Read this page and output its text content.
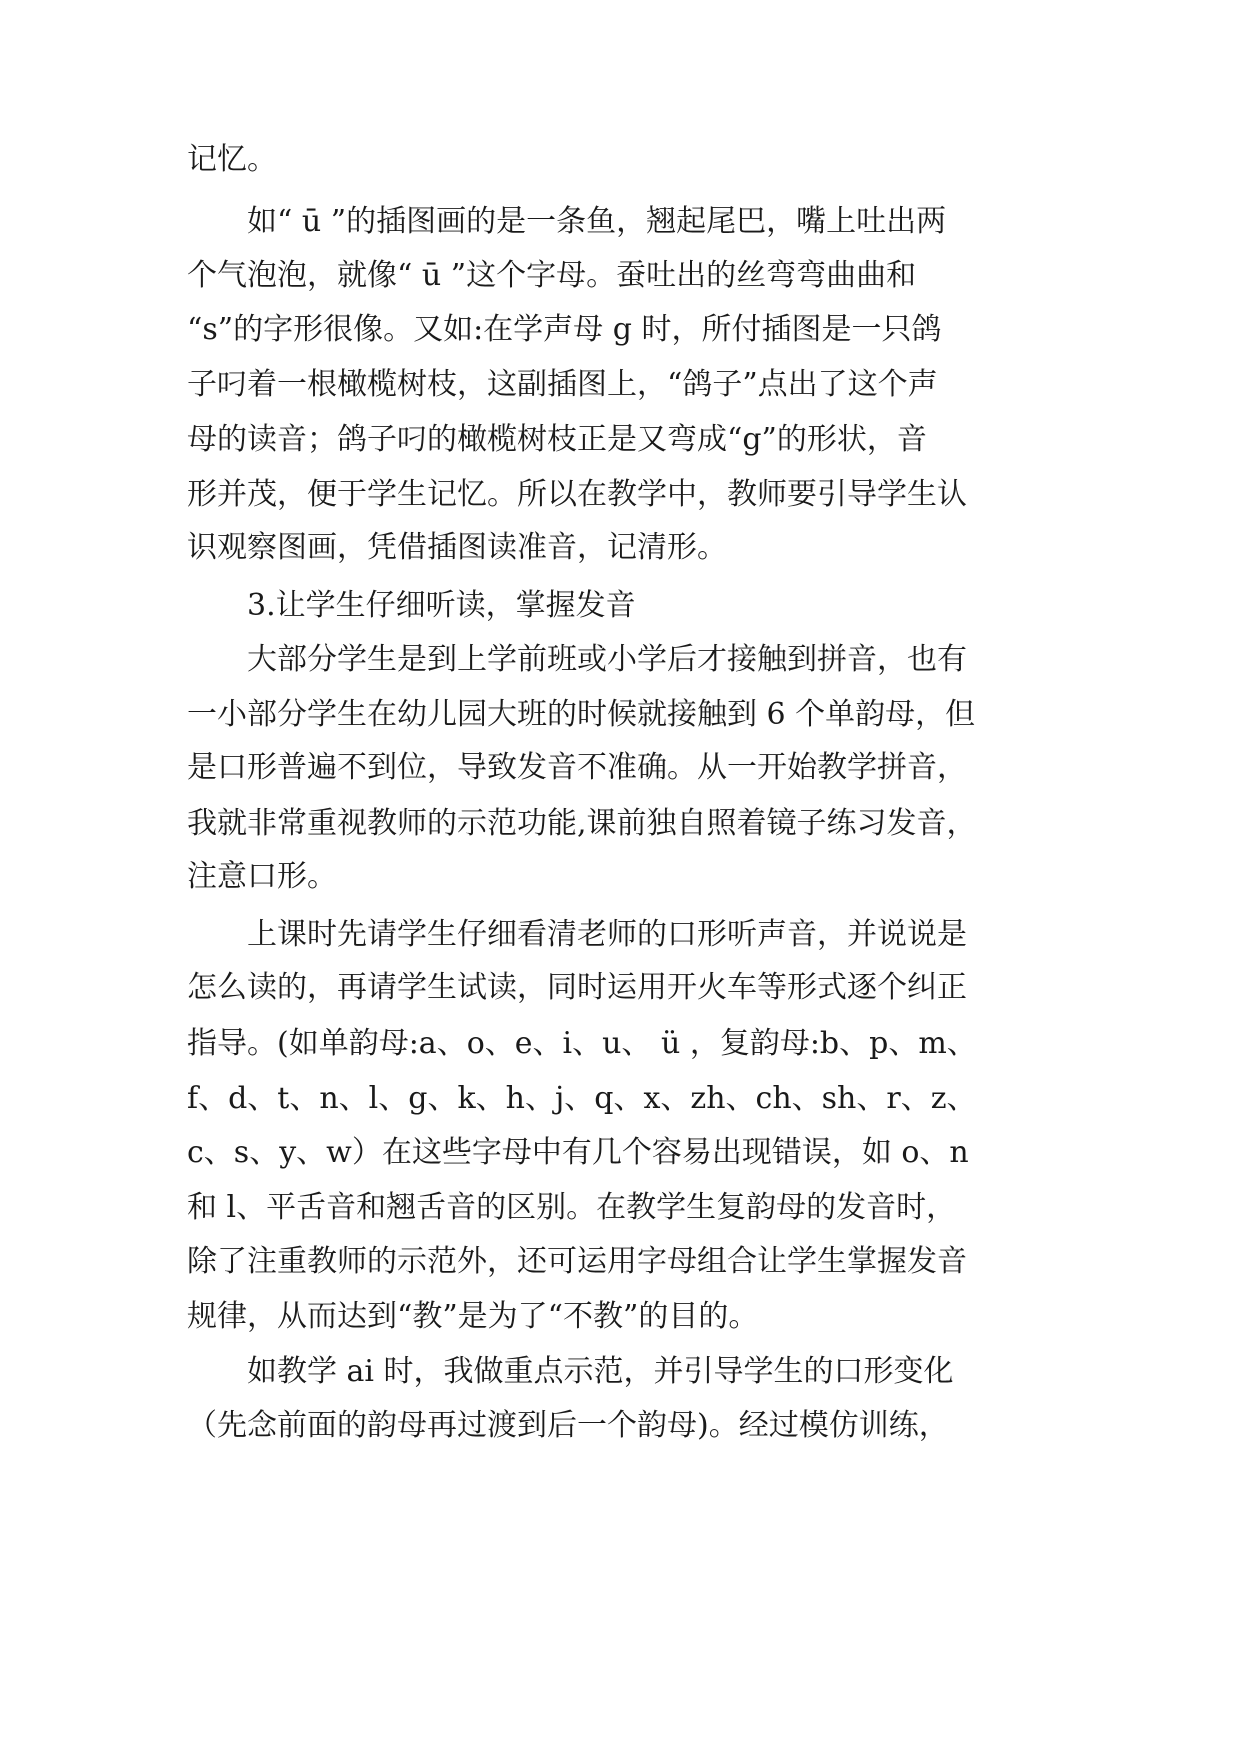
记忆。
如“ ū ”的插图画的是一条鱼，翘起尾巴，嘴上吐出两
个气泡泡，就像“ ū ”这个字母。蚕吐出的丝弯弯曲曲和
“s”的字形很像。又如:在学声母 g 时，所付插图是一只鸽
子叼着一根橄榄树枝，这副插图上，“鸽子”点出了这个声
母的读音；鸽子叼的橄榄树枝正是又弯成“g”的形状，音
形并茂，便于学生记忆。所以在教学中，教师要引导学生认
识观察图画，凭借插图读准音，记清形。
3.让学生仔细听读，掌握发音
大部分学生是到上学前班或小学后才接触到拼音，也有
一小部分学生在幼儿园大班的时候就接触到 6 个单韵母，但
是口形普遍不到位，导致发音不准确。从一开始教学拼音，
我就非常重视教师的示范功能,课前独自照着镜子练习发音，
注意口形。
上课时先请学生仔细看清老师的口形听声音，并说说是
怎么读的，再请学生试读，同时运用开火车等形式逐个纠正
指导。(如单韵母:a、o、e、i、u、 ü ，复韵母:b、p、m、
f、d、t、n、l、g、k、h、j、q、x、zh、ch、sh、r、z、
c、s、y、w）在这些字母中有几个容易出现错误，如 o、n
和 l、平舌音和翘舌音的区别。在教学生复韵母的发音时，
除了注重教师的示范外，还可运用字母组合让学生掌握发音
规律，从而达到“教”是为了“不教”的目的。
如教学 ai 时，我做重点示范，并引导学生的口形变化
（先念前面的韵母再过渡到后一个韵母)。经过模仿训练，
